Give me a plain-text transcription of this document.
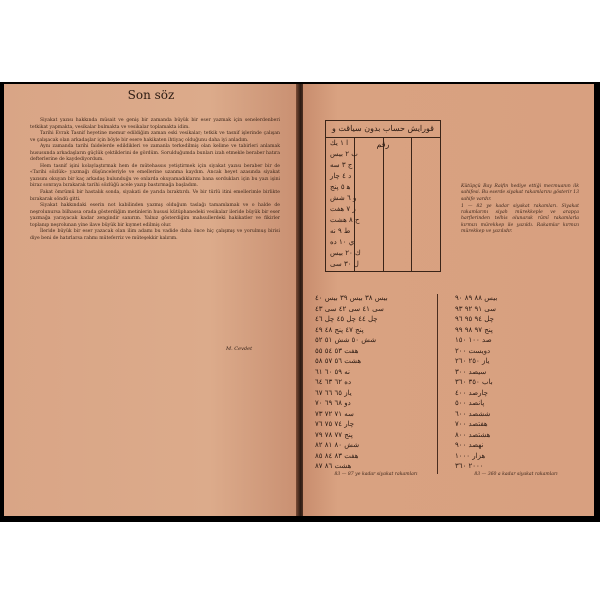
Son söz

Siyakat yazısı hakkında müsait ve geniş bir zamanda büyük bir eser yazmak için senelerdenberi tetkikat yapmakta, vesikalar bulmakta ve vesikalar toplamakta idim.

Tarihi Evrak Tasnif heyetine memur edildiğim zaman eski vesikalar; tetkik ve tasnif işlerinde çalışan ve çalışacak olan arkadaşlar için böyle bir esere hakikaten ihtiyaç olduğunu daha iyi anladım.

Aynı zamanda tarihi faidelerde edildikleri ve zamanla terkedilmiş olan kelime ve tabirleri anlamak hususunda arkadaşların güçlük çektiklerini de gördüm. Sorulduğumda bunları izah etmekle beraber hatıra defterlerine de kaydediyordum.

Hem tasnif işini kolaylaştırmak hem de mütehassıs yetiştirmek için siyakat yazısı beraber bir de «Tarihi sözlük» yazmağı düşünceleriyle ve emellerine uzanma kaydım. Ancak heyet azasında siyakat yazısını okuyan bir kaç arkadaş bulunduğu ve onlarda okuyamadıklarını bana sordukları için bu yazı işini biraz sonraya bırakarak tarihi sözlüğü acele yazıp bastırmağa başladım.

Fakat ömrümü bir hastalık sonda, siyakati de yarıda bıraktırdı. Ve bir türlü itini emellerimle birlikte bırakarak söndü gitti.

Siyakat hakkındaki eserin not kabilinden yazmış olduğum taslağı tamamlamak ve o halde de neşrolunursa bilhassa orada gösterdiğim metinlerin hususi kütüphanedeki vesikalar ileride büyük bir eser yazmağa yarayacak kadar zengindir sanırım. Yalnız gösterdiğim mahsullerdeki hakikatler ve fikirler toplanıp neşrolunan yine ilave büyük bir kıymet edilmiş olur.

İleride büyük bir eser yazacak olan ilim adamı bu vadide daha önce hiç çalışmış ve yorulmuş birisi diye beni de hatırlarsa rahmı müteferriz ve müteşekkir kalırım.

M. Cevdet
ﻗﻮﺭﺍﻳﺶ ﺣﺴﺎﺏ ﺑﺪﻭﻥ ﺳﻴﺎﻗﺖ ﻭ ﺭﻗﻢ
ﺍ ١ ﻳﻚ
ﺏ ٢ ﺑﻴﺲ
ﺝ ٣ ﺳﻪ
ﺩ ٤ ﭼﺎﺭ
ﻫ ٥ ﭘﻨﺞ
ﻭ ٦ ﺷﺶ
ﺯ ٧ ﻫﻔﺖ
ﺡ ٨ ﻫﺸﺖ
ﻁ ٩ ﻧﻪ
ﻱ ١٠ ﺩﻩ
ﻙ ٢٠ ﺑﻴﺲ
ﻝ ٣٠ ﺳﻰ

Kütüpçü Bay Raifin hediye ettiği mecmuanın ilk sahifesi. Bu eserde siyakat rakamlarını gösterir 13 sahife vardır.

1 — 82 ye kadar siyakat rakamları. Siyakat rakamlarını siyah mürekkeple ve arapça harflerinden telhis olunarak rûmî rakamlarla kırmızı mürekkep ile yazıldı. Rakamlar kırmızı mürekkep ve yazılıdır.

ﺑﻴﺲ ٣٨ ﺑﻴﺲ ٣٩ ﺑﻴﺲ ٤٠
ﺳﻰ ٤١ ﺳﻰ ٤٢ ﺳﻰ ٤٣
ﭼﻞ ٤٤ ﭼﻞ ٤٥ ﭼﻞ ٤٦
ﭘﻨﺞ ٤٧ ﭘﻨﺞ ٤٨ ٤٩
ﺷﺶ ٥٠ ﺷﺶ ٥١ ٥٢
ﻫﻔﺖ ٥٣ ٥٤ ٥٥
ﻫﺸﺖ ٥٦ ٥٧ ٥٨
ﻧﻪ ٥٩ ٦٠ ٦١
ﺩﻩ ٦٢ ٦٣ ٦٤
ﻳﺎﺯ ٦٥ ٦٦ ٦٧
ﺩﻭ ٦٨ ٦٩ ٧٠
ﺳﻪ ٧١ ٧٢ ٧٣
ﭼﺎﺭ ٧٤ ٧٥ ٧٦
ﭘﻨﺞ ٧٧ ٧٨ ٧٩
ﺷﺶ ٨٠ ٨١ ٨٢
ﻫﻔﺖ ٨٣ ٨٤ ٨٥
ﻫﺸﺖ ٨٦ ٨٧
ﺑﻴﺲ ٨٨ ٨٩ ٩٠
ﺳﻰ ٩١ ٩٢ ٩٣
ﭼﻞ ٩٤ ٩٥ ٩٦
ﭘﻨﺞ ٩٧ ٩٨ ٩٩
ﺻﺪ ١٠٠ ١٥٠
ﺩﻭﻳﺴﺖ ٢٠٠
ﻳﺎﺯ ٢٥٠ ٢٦٠
ﺳﻴﺼﺪ ٣٠٠
ﺑﺎﺏ ٣٥٠ ٣٦٠
ﭼﺎﺭﺻﺪ ٤٠٠
ﭘﺎﻧﺼﺪ ٥٠٠
ﺷﺸﺼﺪ ٦٠٠
ﻫﻔﺘﺼﺪ ٧٠٠
ﻫﺸﺘﺼﺪ ٨٠٠
ﻧﻬﺼﺪ ٩٠٠
ﻫﺰﺍﺭ ١٠٠٠
٢٠٠٠ ٣٦٠
83 — 87 ye kadar siyakat rakamları	83 — 360 a kadar siyakat rakamları
